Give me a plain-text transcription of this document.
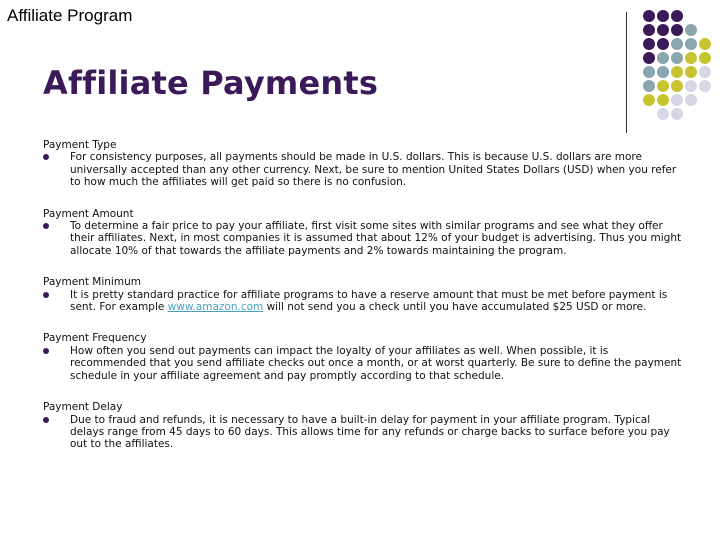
Affiliate Program
Affiliate Payments
Payment Type
For consistency purposes, all payments should be made in U.S. dollars. This is because U.S. dollars are more universally accepted than any other currency. Next, be sure to mention United States Dollars (USD) when you refer to how much the affiliates will get paid so there is no confusion.
Payment Amount
To determine a fair price to pay your affiliate, first visit some sites with similar programs and see what they offer their affiliates. Next, in most companies it is assumed that about 12% of your budget is advertising. Thus you might allocate 10% of that towards the affiliate payments and 2% towards maintaining the program.
Payment Minimum
It is pretty standard practice for affiliate programs to have a reserve amount that must be met before payment is sent. For example www.amazon.com will not send you a check until you have accumulated $25 USD or more.
Payment Frequency
How often you send out payments can impact the loyalty of your affiliates as well. When possible, it is recommended that you send affiliate checks out once a month, or at worst quarterly. Be sure to define the payment schedule in your affiliate agreement and pay promptly according to that schedule.
Payment Delay
Due to fraud and refunds, it is necessary to have a built-in delay for payment in your affiliate program. Typical delays range from 45 days to 60 days. This allows time for any refunds or charge backs to surface before you pay out to the affiliates.
